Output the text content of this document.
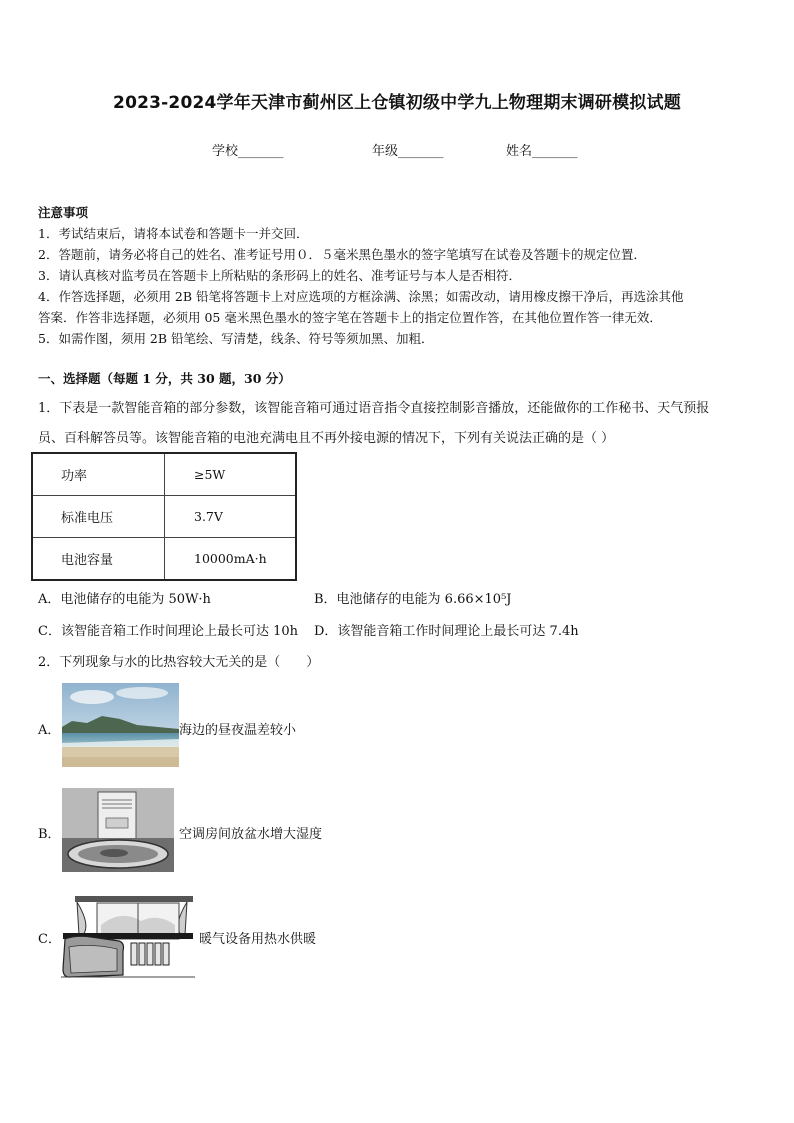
2023-2024学年天津市蓟州区上仓镇初级中学九上物理期末调研模拟试题
学校_______	年级_______	姓名_______
注意事项
1．考试结束后，请将本试卷和答题卡一并交回．
2．答题前，请务必将自己的姓名、准考证号用０．５毫米黑色墨水的签字笔填写在试卷及答题卡的规定位置．
3．请认真核对监考员在答题卡上所粘贴的条形码上的姓名、准考证号与本人是否相符．
4．作答选择题，必须用 2B 铅笔将答题卡上对应选项的方框涂满、涂黑；如需改动，请用橡皮擦干净后，再选涂其他
答案．作答非选择题，必须用 05 毫米黑色墨水的签字笔在答题卡上的指定位置作答，在其他位置作答一律无效．
5．如需作图，须用 2B 铅笔绘、写清楚，线条、符号等须加黑、加粗．
一、选择题（每题 1 分，共 30 题，30 分）
1．下表是一款智能音箱的部分参数，该智能音箱可通过语音指令直接控制影音播放，还能做你的工作秘书、天气预报
员、百科解答员等。该智能音箱的电池充满电且不再外接电源的情况下，下列有关说法正确的是（ ）
功率	≥5W
标准电压	3.7V
电池容量	10000mA·h
A．电池储存的电能为 50W·h	B．电池储存的电能为 6.66×10⁵J
C．该智能音箱工作时间理论上最长可达 10h D．该智能音箱工作时间理论上最长可达 7.4h
2．下列现象与水的比热容较大无关的是（　　）
A．	海边的昼夜温差较小
B．	空调房间放盆水增大湿度
C．	暖气设备用热水供暖
